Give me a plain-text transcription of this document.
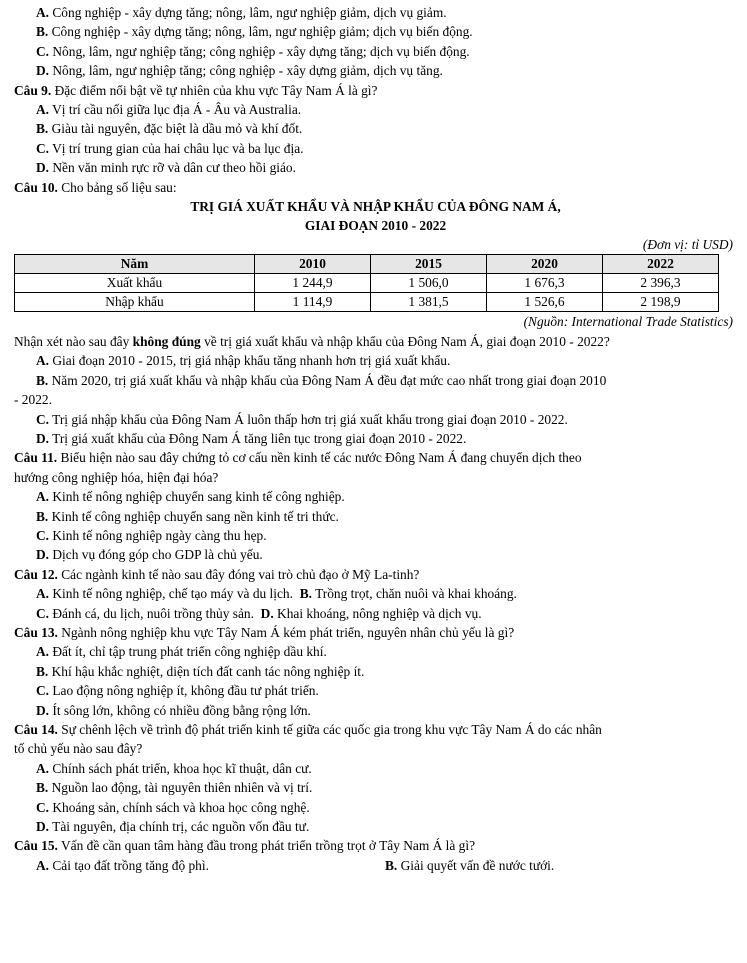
A. Công nghiệp - xây dựng tăng; nông, lâm, ngư nghiệp giảm, dịch vụ giảm.
B. Công nghiệp - xây dựng tăng; nông, lâm, ngư nghiệp giảm; dịch vụ biến động.
C. Nông, lâm, ngư nghiệp tăng; công nghiệp - xây dựng tăng; dịch vụ biến động.
D. Nông, lâm, ngư nghiệp tăng; công nghiệp - xây dựng giảm, dịch vụ tăng.
Câu 9. Đặc điểm nổi bật về tự nhiên của khu vực Tây Nam Á là gì?
A. Vị trí cầu nối giữa lục địa Á - Âu và Australia.
B. Giàu tài nguyên, đặc biệt là dầu mỏ và khí đốt.
C. Vị trí trung gian của hai châu lục và ba lục địa.
D. Nền văn minh rực rỡ và dân cư theo hồi giáo.
Câu 10. Cho bảng số liệu sau:
TRỊ GIÁ XUẤT KHẨU VÀ NHẬP KHẨU CỦA ĐÔNG NAM Á,
GIAI ĐOẠN 2010 - 2022
(Đơn vị: tỉ USD)
Năm	2010	2015	2020	2022
Xuất khẩu	1 244,9	1 506,0	1 676,3	2 396,3
Nhập khẩu	1 114,9	1 381,5	1 526,6	2 198,9
(Nguồn: International Trade Statistics)
Nhận xét nào sau đây không đúng về trị giá xuất khẩu và nhập khẩu của Đông Nam Á, giai đoạn 2010 - 2022?
A. Giai đoạn 2010 - 2015, trị giá nhập khẩu tăng nhanh hơn trị giá xuất khẩu.
B. Năm 2020, trị giá xuất khẩu và nhập khẩu của Đông Nam Á đều đạt mức cao nhất trong giai đoạn 2010
- 2022.
C. Trị giá nhập khẩu của Đông Nam Á luôn thấp hơn trị giá xuất khẩu trong giai đoạn 2010 - 2022.
D. Trị giá xuất khẩu của Đông Nam Á tăng liên tục trong giai đoạn 2010 - 2022.
Câu 11. Biểu hiện nào sau đây chứng tỏ cơ cấu nền kinh tế các nước Đông Nam Á đang chuyển dịch theo
hướng công nghiệp hóa, hiện đại hóa?
A. Kinh tế nông nghiệp chuyển sang kinh tế công nghiệp.
B. Kinh tế công nghiệp chuyển sang nền kinh tế tri thức.
C. Kinh tế nông nghiệp ngày càng thu hẹp.
D. Dịch vụ đóng góp cho GDP là chủ yếu.
Câu 12. Các ngành kinh tế nào sau đây đóng vai trò chủ đạo ở Mỹ La-tinh?
A. Kinh tế nông nghiệp, chế tạo máy và du lịch. B. Trồng trọt, chăn nuôi và khai khoáng.
C. Đánh cá, du lịch, nuôi trồng thủy sản. D. Khai khoáng, nông nghiệp và dịch vụ.
Câu 13. Ngành nông nghiệp khu vực Tây Nam Á kém phát triển, nguyên nhân chủ yếu là gì?
A. Đất ít, chỉ tập trung phát triển công nghiệp dầu khí.
B. Khí hậu khắc nghiệt, diện tích đất canh tác nông nghiệp ít.
C. Lao động nông nghiệp ít, không đầu tư phát triển.
D. Ít sông lớn, không có nhiều đồng bằng rộng lớn.
Câu 14. Sự chênh lệch về trình độ phát triển kinh tế giữa các quốc gia trong khu vực Tây Nam Á do các nhân
tố chủ yếu nào sau đây?
A. Chính sách phát triển, khoa học kĩ thuật, dân cư.
B. Nguồn lao động, tài nguyên thiên nhiên và vị trí.
C. Khoáng sản, chính sách và khoa học công nghệ.
D. Tài nguyên, địa chính trị, các nguồn vốn đầu tư.
Câu 15. Vấn đề cần quan tâm hàng đầu trong phát triển trồng trọt ở Tây Nam Á là gì?
A. Cải tạo đất trồng tăng độ phì.	B. Giải quyết vấn đề nước tưới.
